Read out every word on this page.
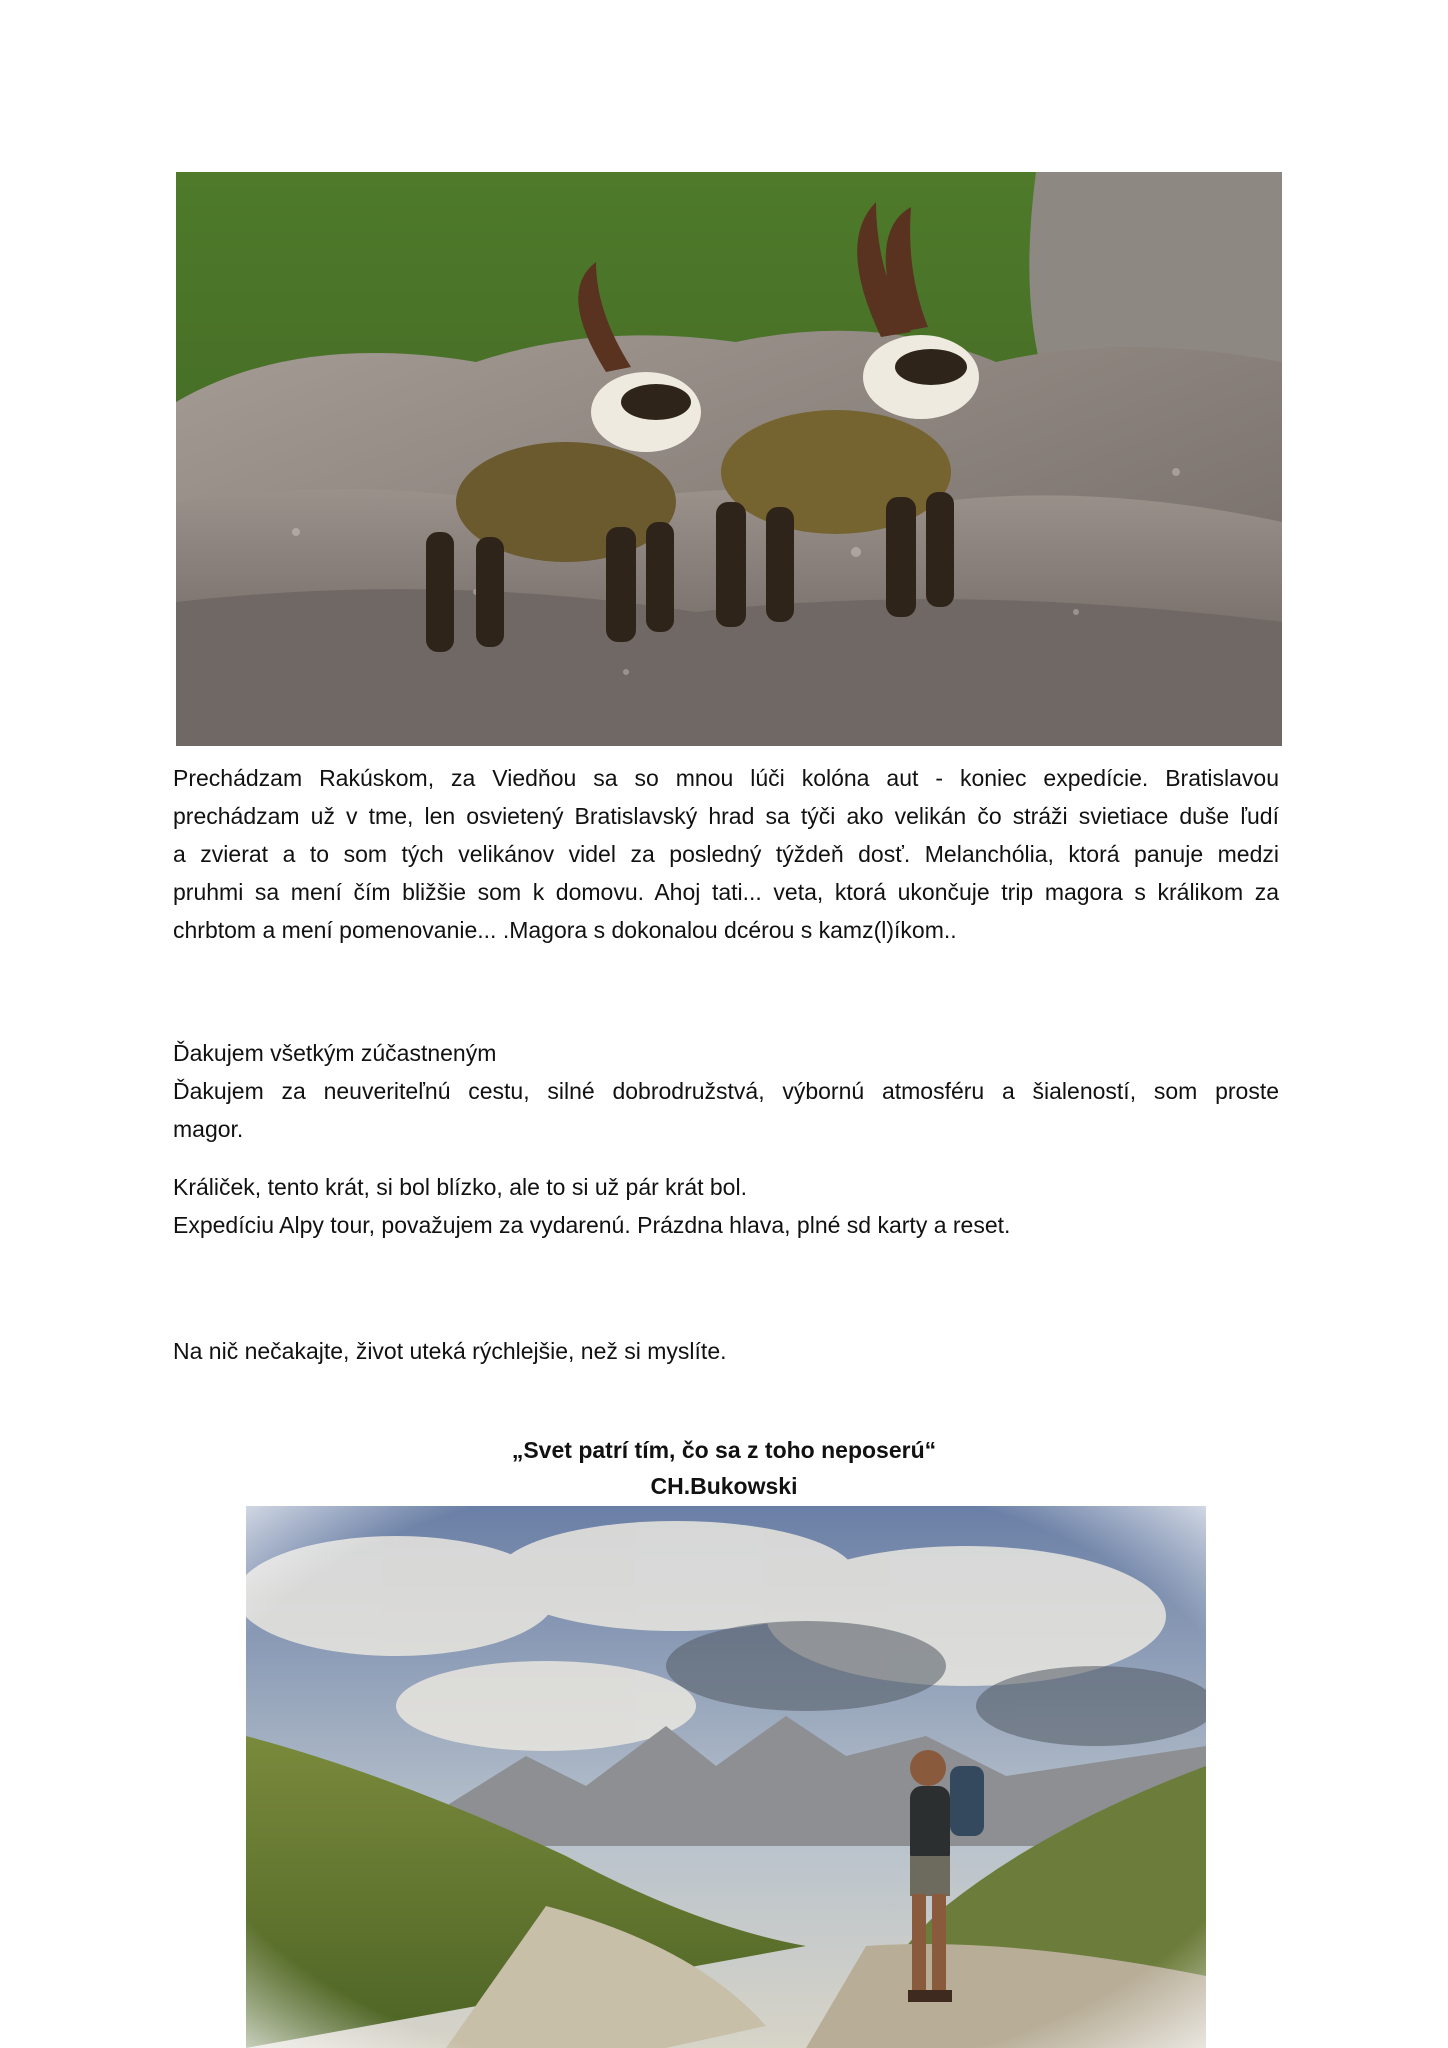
Prechádzam Rakúskom, za Viedňou sa so mnou lúči kolóna aut - koniec expedície. Bratislavou
prechádzam už v tme, len osvietený Bratislavský hrad sa týči ako velikán čo stráži svietiace duše ľudí
a zvierat a to som tých velikánov videl za posledný týždeň dosť. Melanchólia, ktorá panuje medzi
pruhmi sa mení čím bližšie som k domovu. Ahoj tati... veta, ktorá ukončuje trip magora s králikom za
chrbtom a mení pomenovanie... .Magora s dokonalou dcérou s kamz(l)íkom..

Ďakujem všetkým zúčastneným
Ďakujem za neuveriteľnú cestu, silné dobrodružstvá, výbornú atmosféru a šialeností, som proste
magor.

Králiček, tento krát, si bol blízko, ale to si už pár krát bol.
Expedíciu Alpy tour, považujem za vydarenú. Prázdna hlava, plné sd karty a reset.

Na nič nečakajte, život uteká rýchlejšie, než si myslíte.

„Svet patrí tím, čo sa z toho neposerú“
CH.Bukowski
